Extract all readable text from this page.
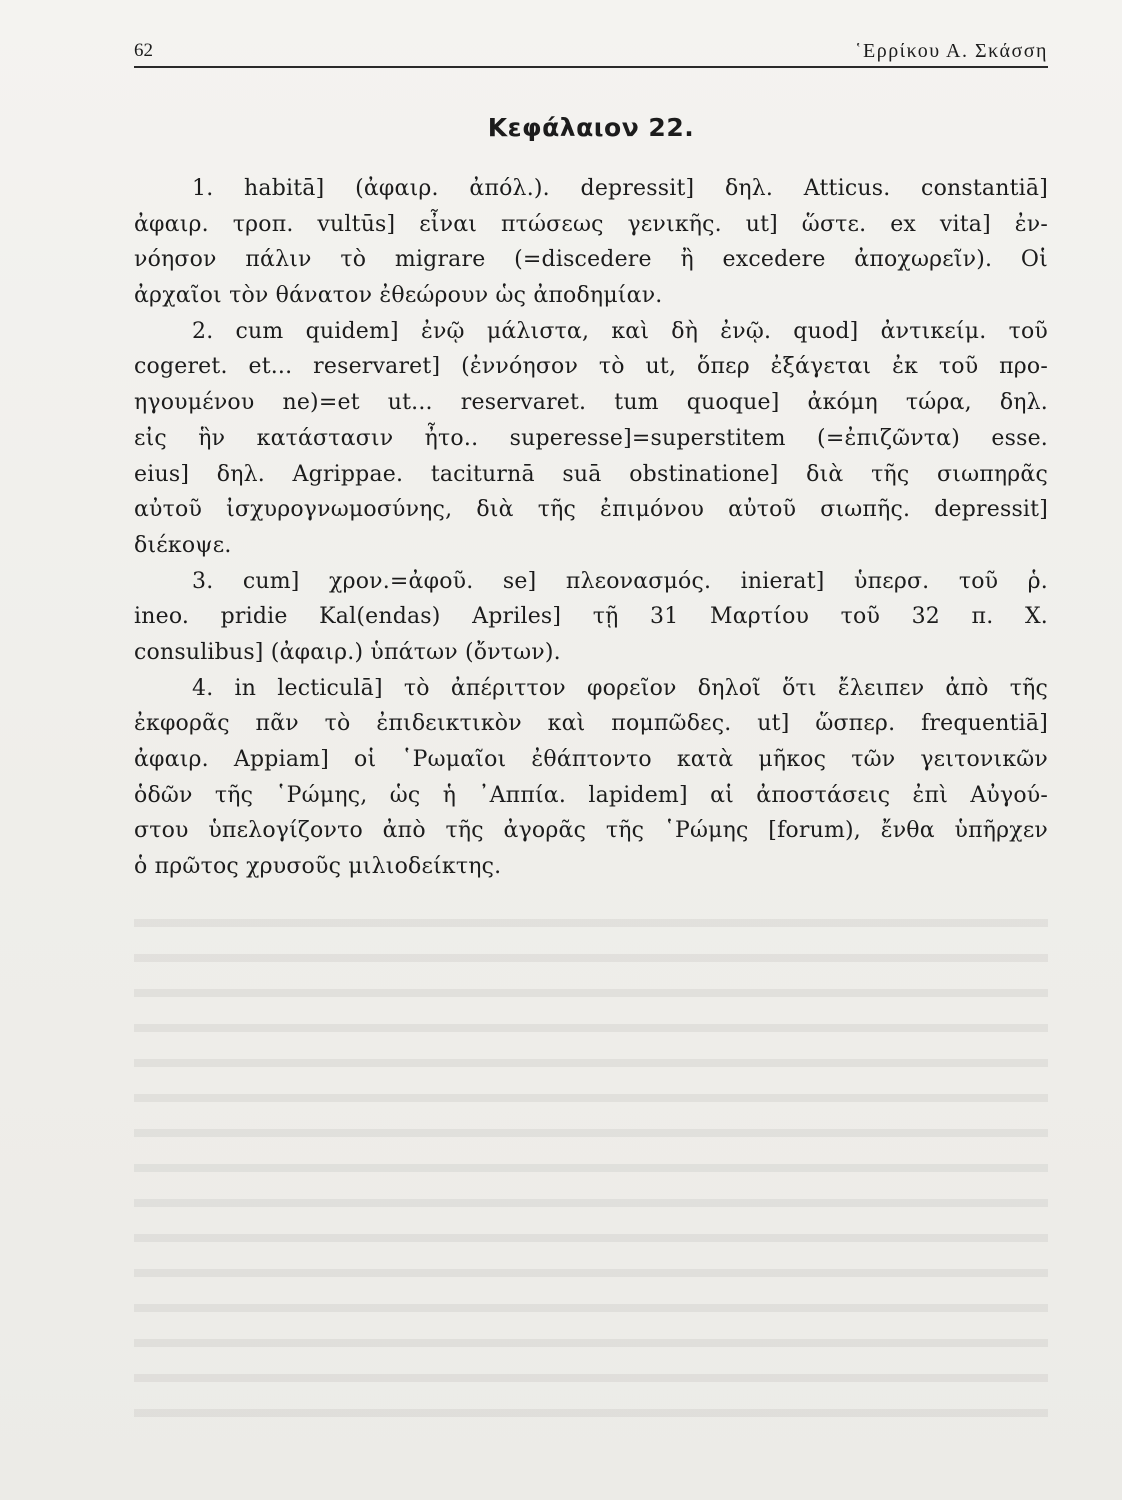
62	῾Ερρίκου Α. Σκάσση
Κεφάλαιον 22.
1. habitā] (ἀφαιρ. ἀπόλ.). depressit] δηλ. Atticus. constantiā]
ἀφαιρ. τροπ. vultūs] εἶναι πτώσεως γενικῆς. ut] ὥστε. ex vita] ἐν-
νόησον πάλιν τὸ migrare (=discedere ἢ excedere ἀποχωρεῖν). Οἱ
ἀρχαῖοι τὸν θάνατον ἐθεώρουν ὡς ἀποδημίαν.
2. cum quidem] ἐνῷ μάλιστα, καὶ δὴ ἐνῷ. quod] ἀντικείμ. τοῦ
cogeret. et... reservaret] (ἐννόησον τὸ ut, ὅπερ ἐξάγεται ἐκ τοῦ προ-
ηγουμένου ne)=et ut... reservaret. tum quoque] ἀκόμη τώρα, δηλ.
εἰς ἣν κατάστασιν ἦτο.. superesse]=superstitem (=ἐπιζῶντα) esse.
eius] δηλ. Agrippae. taciturnā suā obstinatione] διὰ τῆς σιωπηρᾶς
αὐτοῦ ἰσχυρογνωμοσύνης, διὰ τῆς ἐπιμόνου αὐτοῦ σιωπῆς. depressit]
διέκοψε.
3. cum] χρον.=ἀφοῦ. se] πλεονασμός. inierat] ὑπερσ. τοῦ ῥ.
ineo. pridie Kal(endas) Apriles] τῇ 31 Μαρτίου τοῦ 32 π. Χ.
consulibus] (ἀφαιρ.) ὑπάτων (ὄντων).
4. in lecticulā] τὸ ἀπέριττον φορεῖον δηλοῖ ὅτι ἔλειπεν ἀπὸ τῆς
ἐκφορᾶς πᾶν τὸ ἐπιδεικτικὸν καὶ πομπῶδες. ut] ὥσπερ. frequentiā]
ἀφαιρ. Appiam] οἱ ῾Ρωμαῖοι ἐθάπτοντο κατὰ μῆκος τῶν γειτονικῶν
ὁδῶν τῆς ῾Ρώμης, ὡς ἡ ᾿Αππία. lapidem] αἱ ἀποστάσεις ἐπὶ Αὐγού-
στου ὑπελογίζοντο ἀπὸ τῆς ἀγορᾶς τῆς ῾Ρώμης [forum), ἔνθα ὑπῆρχεν
ὁ πρῶτος χρυσοῦς μιλιοδείκτης.
